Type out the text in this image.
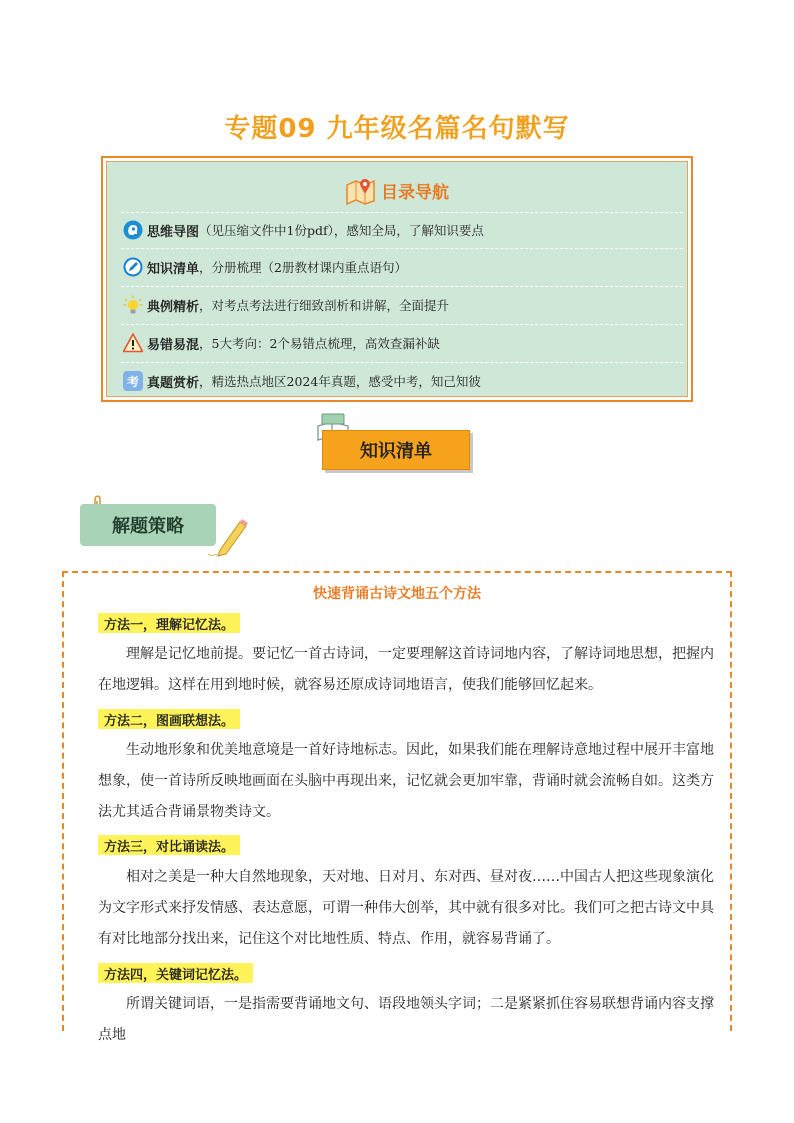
专题09 九年级名篇名句默写
目录导航
思维导图 （见压缩文件中1份pdf），感知全局，了解知识要点
知识清单 ，分册梳理（2册教材课内重点语句）
典例精析 ，对考点考法进行细致剖析和讲解，全面提升
易错易混 ，5大考向：2个易错点梳理，高效查漏补缺
考 真题赏析 ，精选热点地区2024年真题，感受中考，知己知彼
知识清单
解题策略
快速背诵古诗文地五个方法
方法一，理解记忆法。
理解是记忆地前提。要记忆一首古诗词，一定要理解这首诗词地内容，了解诗词地思想，把握内在地逻辑。这样在用到地时候，就容易还原成诗词地语言，使我们能够回忆起来。
方法二，图画联想法。
生动地形象和优美地意境是一首好诗地标志。因此，如果我们能在理解诗意地过程中展开丰富地想象，使一首诗所反映地画面在头脑中再现出来，记忆就会更加牢靠，背诵时就会流畅自如。这类方法尤其适合背诵景物类诗文。
方法三，对比诵读法。
相对之美是一种大自然地现象，天对地、日对月、东对西、昼对夜……中国古人把这些现象演化为文字形式来抒发情感、表达意愿，可谓一种伟大创举，其中就有很多对比。我们可之把古诗文中具有对比地部分找出来，记住这个对比地性质、特点、作用，就容易背诵了。
方法四，关键词记忆法。
所谓关键词语，一是指需要背诵地文句、语段地领头字词；二是紧紧抓住容易联想背诵内容支撑点地
